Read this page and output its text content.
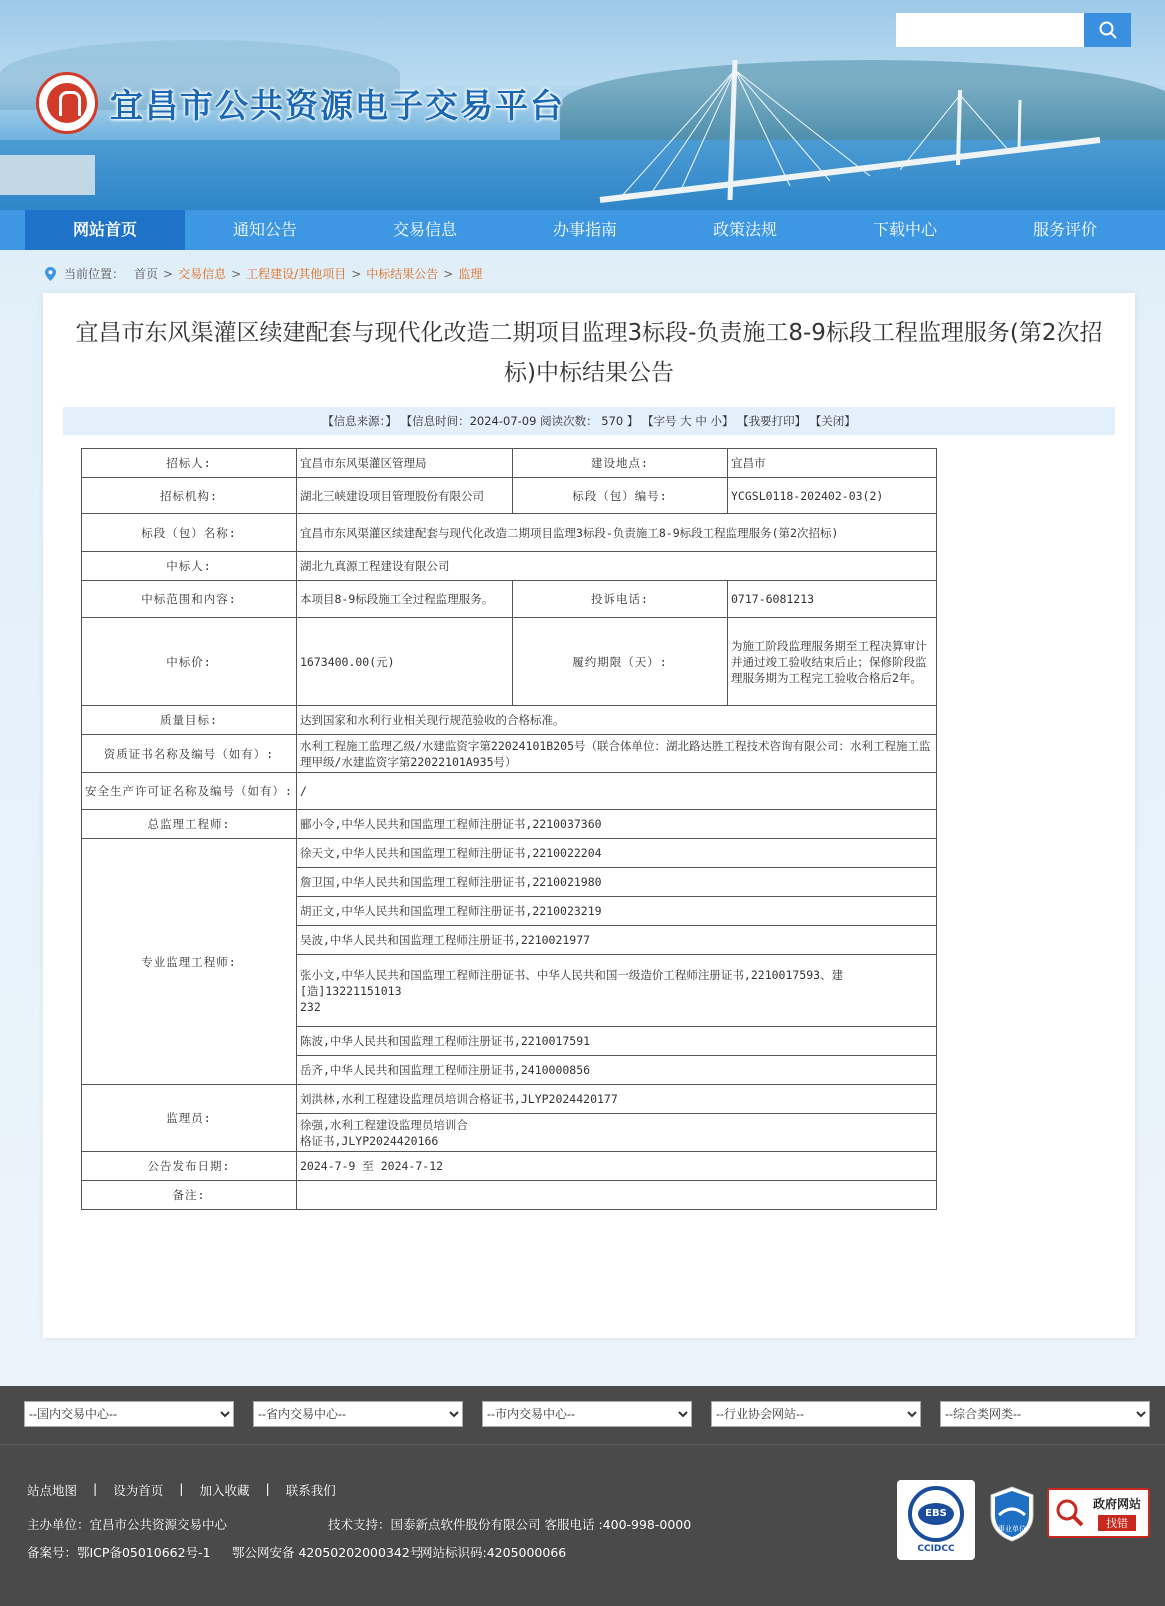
宜昌市公共资源电子交易平台
网站首页	通知公告	交易信息	办事指南	政策法规	下载中心	服务评价
当前位置： 首页 > 交易信息 > 工程建设/其他项目 > 中标结果公告 > 监理
宜昌市东风渠灌区续建配套与现代化改造二期项目监理3标段-负责施工8-9标段工程监理服务(第2次招标)中标结果公告
【信息来源：】 【信息时间：2024-07-09 阅读次数： 570 】 【字号 大 中 小】 【我要打印】 【关闭】
招标人:	宜昌市东风渠灌区管理局	建设地点:	宜昌市
招标机构:	湖北三峡建设项目管理股份有限公司	标段（包）编号:	YCGSL0118-202402-03(2)
标段（包）名称:	宜昌市东风渠灌区续建配套与现代化改造二期项目监理3标段-负责施工8-9标段工程监理服务(第2次招标)		
中标人:	湖北九真源工程建设有限公司		
中标范围和内容:	本项目8-9标段施工全过程监理服务。	投诉电话:	0717-6081213
中标价:	1673400.00(元)	履约期限（天）:	为施工阶段监理服务期至工程决算审计并通过竣工验收结束后止；保修阶段监理服务期为工程完工验收合格后2年。
质量目标:	达到国家和水利行业相关现行规范验收的合格标准。		
资质证书名称及编号（如有）:	水利工程施工监理乙级/水建监资字第22024101B205号（联合体单位：湖北路达胜工程技术咨询有限公司：水利工程施工监理甲级/水建监资字第22022101A935号）		
安全生产许可证名称及编号（如有）:	/		
总监理工程师:	郦小令,中华人民共和国监理工程师注册证书,2210037360		
专业监理工程师:	徐天文,中华人民共和国监理工程师注册证书,2210022204		
	詹卫国,中华人民共和国监理工程师注册证书,2210021980		
	胡正文,中华人民共和国监理工程师注册证书,2210023219		
	吴波,中华人民共和国监理工程师注册证书,2210021977		
	张小文,中华人民共和国监理工程师注册证书、中华人民共和国一级造价工程师注册证书,2210017593、建
[造]13221151013
232		
	陈波,中华人民共和国监理工程师注册证书,2210017591		
	岳齐,中华人民共和国监理工程师注册证书,2410000856		
监理员:	刘洪林,水利工程建设监理员培训合格证书,JLYP2024420177		
	徐强,水利工程建设监理员培训合
格证书,JLYP2024420166		
公告发布日期:	2024-7-9 至 2024-7-12		
备注:			
--国内交易中心--
--省内交易中心--
--市内交易中心--
--行业协会网站--
--综合类网类--
站点地图 | 设为首页 | 加入收藏 | 联系我们
主办单位：宜昌市公共资源交易中心	技术支持：国泰新点软件股份有限公司 客服电话 :400-998-0000
备案号：鄂ICP备05010662号-1 鄂公网安备 42050202000342号
网站标识码:4205000066
EBS
CCIDCC
事业单位
政府网站
找错
